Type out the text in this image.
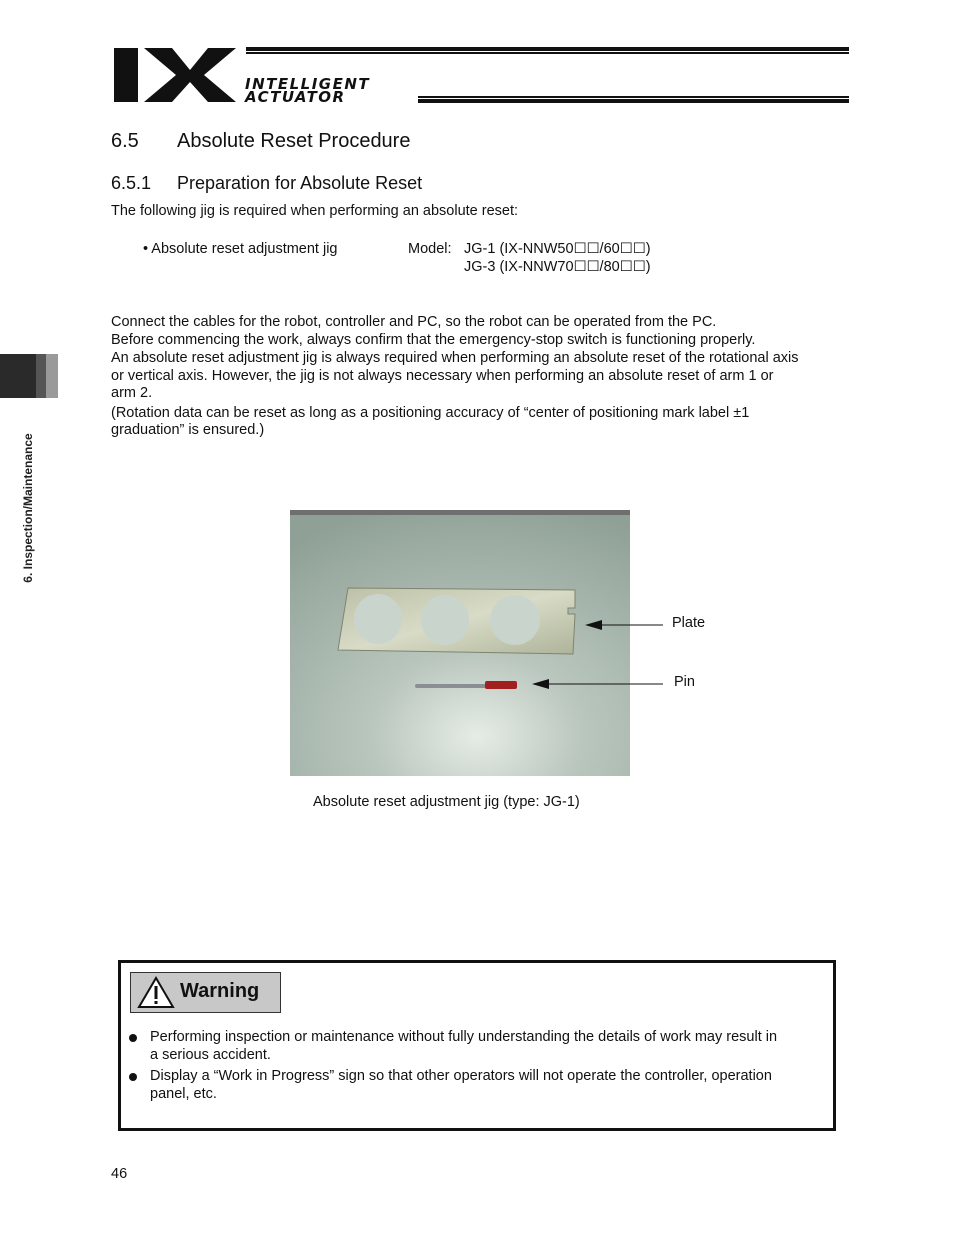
INTELLIGENT
ACTUATOR
6. Inspection/Maintenance
6.5 Absolute Reset Procedure
6.5.1 Preparation for Absolute Reset

The following jig is required when performing an absolute reset:

• Absolute reset adjustment jig	Model: JG-1 (IX-NNW50☐☐/60☐☐)

JG-3 (IX-NNW70☐☐/80☐☐)

Connect the cables for the robot, controller and PC, so the robot can be operated from the PC.

Before commencing the work, always confirm that the emergency-stop switch is functioning properly.

An absolute reset adjustment jig is always required when performing an absolute reset of the rotational axis

or vertical axis. However, the jig is not always necessary when performing an absolute reset of arm 1 or

arm 2.

(Rotation data can be reset as long as a positioning accuracy of “center of positioning mark label ±1

graduation” is ensured.)

Plate

Pin

Absolute reset adjustment jig (type: JG-1)

Warning

Performing inspection or maintenance without fully understanding the details of work may result in

a serious accident.

Display a “Work in Progress” sign so that other operators will not operate the controller, operation

panel, etc.

46
